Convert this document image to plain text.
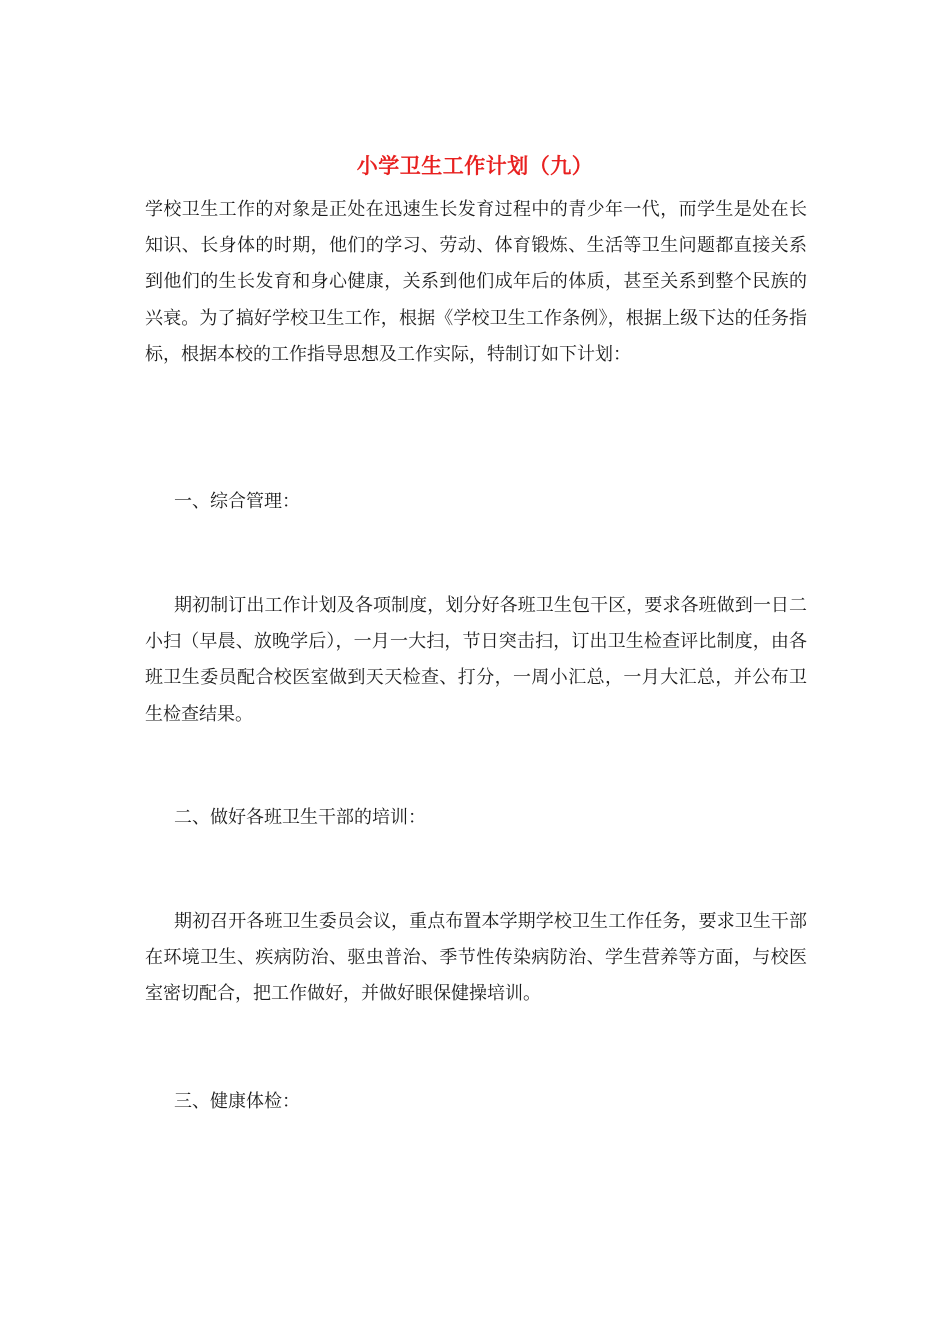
小学卫生工作计划（九）

学校卫生工作的对象是正处在迅速生长发育过程中的青少年一代，而学生是处在长知识、长身体的时期，他们的学习、劳动、体育锻炼、生活等卫生问题都直接关系到他们的生长发育和身心健康，关系到他们成年后的体质，甚至关系到整个民族的兴衰。为了搞好学校卫生工作，根据《学校卫生工作条例》，根据上级下达的任务指标，根据本校的工作指导思想及工作实际，特制订如下计划：

一、综合管理：

期初制订出工作计划及各项制度，划分好各班卫生包干区，要求各班做到一日二小扫（早晨、放晚学后），一月一大扫，节日突击扫，订出卫生检查评比制度，由各班卫生委员配合校医室做到天天检查、打分，一周小汇总，一月大汇总，并公布卫生检查结果。

二、做好各班卫生干部的培训：

期初召开各班卫生委员会议，重点布置本学期学校卫生工作任务，要求卫生干部在环境卫生、疾病防治、驱虫普治、季节性传染病防治、学生营养等方面，与校医室密切配合，把工作做好，并做好眼保健操培训。

三、健康体检：
